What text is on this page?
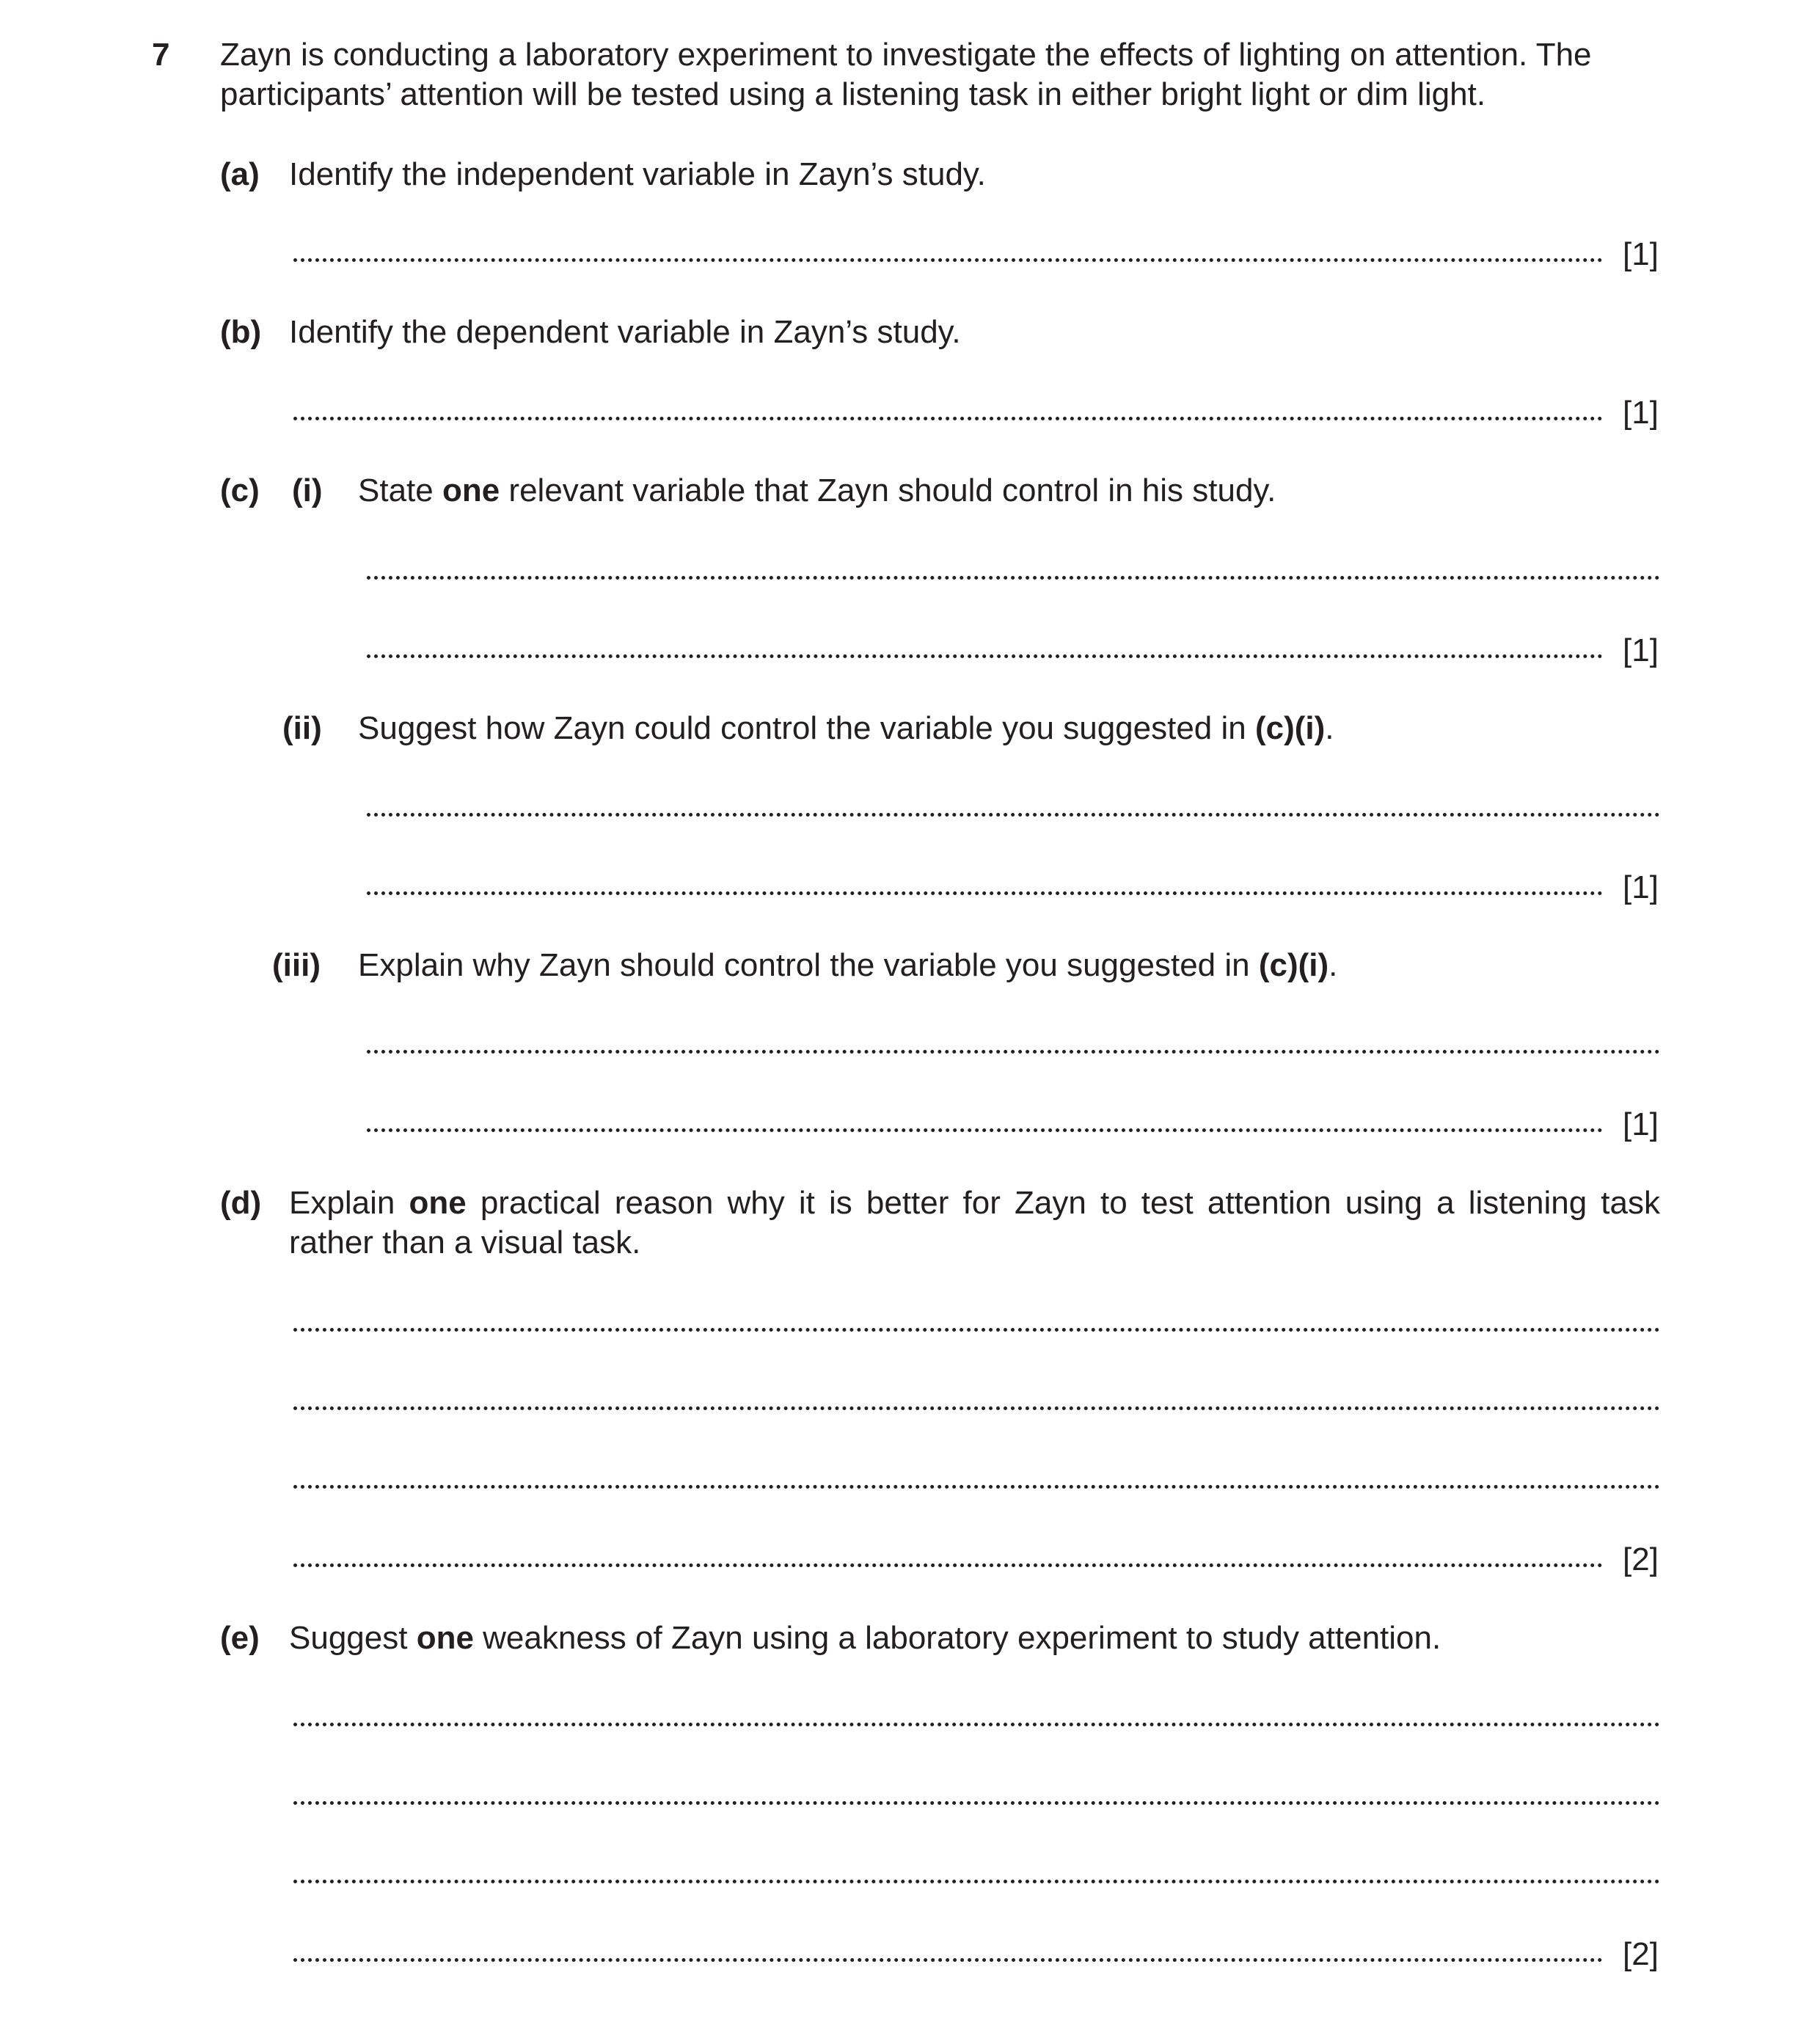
7 Zayn is conducting a laboratory experiment to investigate the effects of lighting on attention. The
participants’ attention will be tested using a listening task in either bright light or dim light.
(a) Identify the independent variable in Zayn’s study.
[1]
(b) Identify the dependent variable in Zayn’s study.
[1]
(c) (i) State one relevant variable that Zayn should control in his study.
[1]
(ii) Suggest how Zayn could control the variable you suggested in (c)(i).
[1]
(iii) Explain why Zayn should control the variable you suggested in (c)(i).
[1]
(d) Explain one practical reason why it is better for Zayn to test attention using a listening task
rather than a visual task.
[2]
(e) Suggest one weakness of Zayn using a laboratory experiment to study attention.
[2]
